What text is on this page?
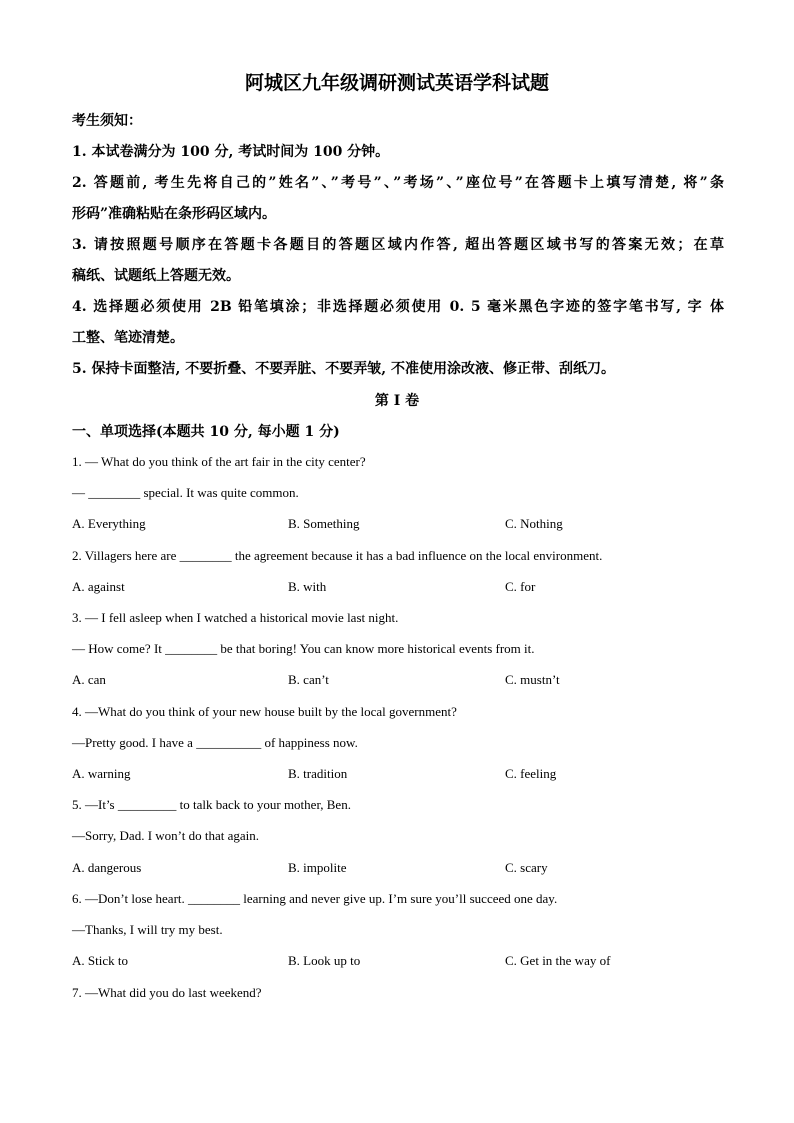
阿城区九年级调研测试英语学科试题
考生须知：
1. 本试卷满分为 100 分, 考试时间为 100 分钟。
2. 答题前, 考生先将自己的”姓名”、”考号”、”考场”、”座位号”在答题卡上填写清楚, 将”条
形码”准确粘贴在条形码区域内。
3. 请按照题号顺序在答题卡各题目的答题区域内作答, 超出答题区域书写的答案无效；在草
稿纸、试题纸上答题无效。
4. 选择题必须使用 2B 铅笔填涂；非选择题必须使用 0. 5 毫米黑色字迹的签字笔书写, 字 体
工整、笔迹清楚。
5. 保持卡面整洁, 不要折叠、不要弄脏、不要弄皱, 不准使用涂改液、修正带、刮纸刀。
第 I 卷
一、单项选择(本题共 10 分, 每小题 1 分)
1. — What do you think of the art fair in the city center?
— ________ special. It was quite common.
A. Everything	B. Something	C. Nothing
2. Villagers here are ________ the agreement because it has a bad influence on the local environment.
A. against	B. with	C. for
3. — I fell asleep when I watched a historical movie last night.
— How come? It ________ be that boring! You can know more historical events from it.
A. can	B. can’t	C. mustn’t
4. —What do you think of your new house built by the local government?
—Pretty good. I have a __________ of happiness now.
A. warning	B. tradition	C. feeling
5. —It’s _________ to talk back to your mother, Ben.
—Sorry, Dad. I won’t do that again.
A. dangerous	B. impolite	C. scary
6. —Don’t lose heart. ________ learning and never give up. I’m sure you’ll succeed one day.
—Thanks, I will try my best.
A. Stick to	B. Look up to	C. Get in the way of
7. —What did you do last weekend?
